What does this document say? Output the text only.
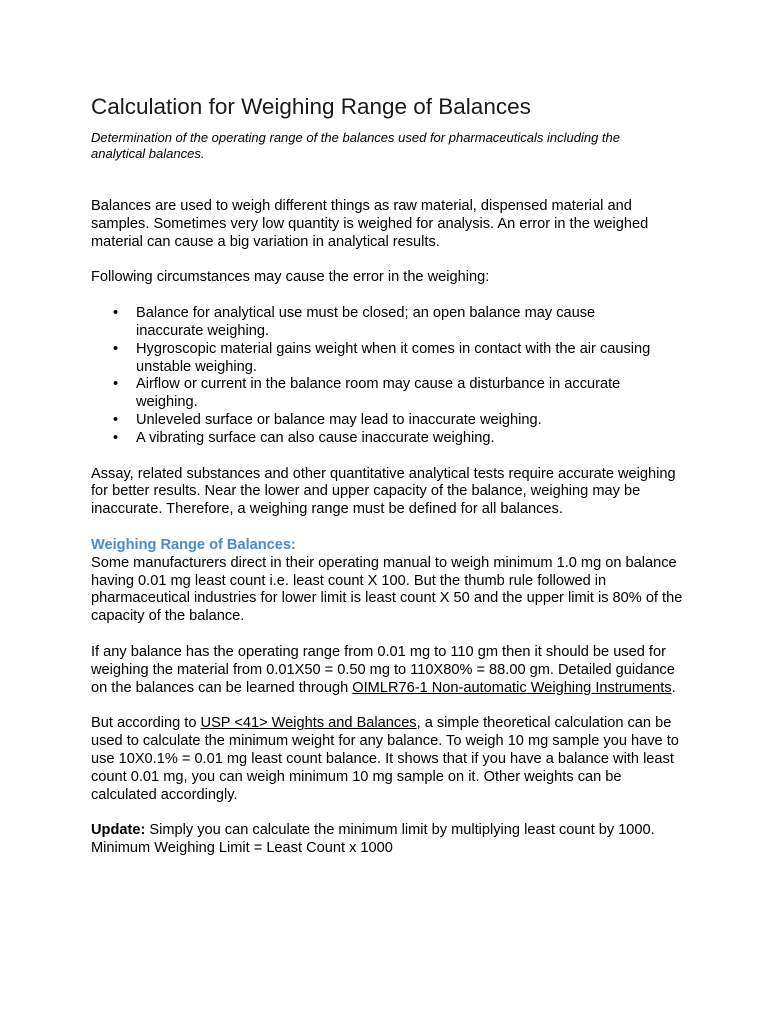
Calculation for Weighing Range of Balances

Determination of the operating range of the balances used for pharmaceuticals including the analytical balances.

Balances are used to weigh different things as raw material, dispensed material and samples. Sometimes very low quantity is weighed for analysis. An error in the weighed material can cause a big variation in analytical results.

Following circumstances may cause the error in the weighing:

• Balance for analytical use must be closed; an open balance may cause inaccurate weighing.
• Hygroscopic material gains weight when it comes in contact with the air causing unstable weighing.
• Airflow or current in the balance room may cause a disturbance in accurate weighing.
• Unleveled surface or balance may lead to inaccurate weighing.
• A vibrating surface can also cause inaccurate weighing.

Assay, related substances and other quantitative analytical tests require accurate weighing for better results. Near the lower and upper capacity of the balance, weighing may be inaccurate. Therefore, a weighing range must be defined for all balances.

Weighing Range of Balances:

Some manufacturers direct in their operating manual to weigh minimum 1.0 mg on balance having 0.01 mg least count i.e. least count X 100. But the thumb rule followed in pharmaceutical industries for lower limit is least count X 50 and the upper limit is 80% of the capacity of the balance.

If any balance has the operating range from 0.01 mg to 110 gm then it should be used for weighing the material from 0.01X50 = 0.50 mg to 110X80% = 88.00 gm. Detailed guidance on the balances can be learned through OIMLR76-1 Non-automatic Weighing Instruments.

But according to USP <41> Weights and Balances, a simple theoretical calculation can be used to calculate the minimum weight for any balance. To weigh 10 mg sample you have to use 10X0.1% = 0.01 mg least count balance. It shows that if you have a balance with least count 0.01 mg, you can weigh minimum 10 mg sample on it. Other weights can be calculated accordingly.

Update: Simply you can calculate the minimum limit by multiplying least count by 1000.
Minimum Weighing Limit = Least Count x 1000
